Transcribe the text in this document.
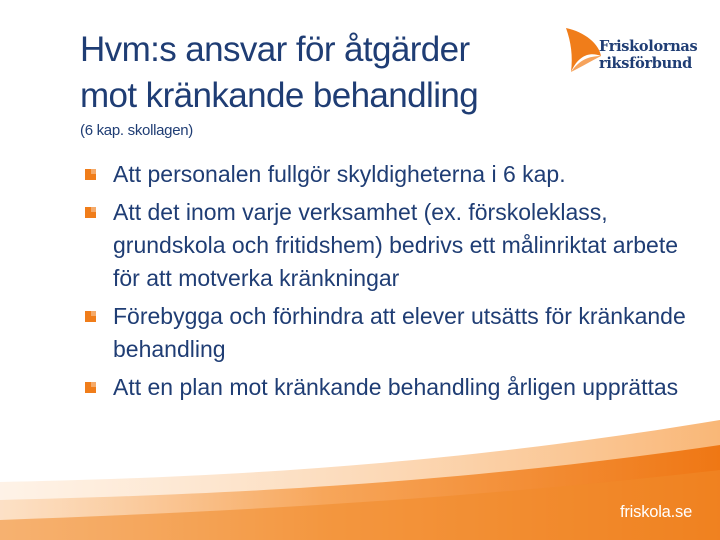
Hvm:s ansvar för åtgärder
mot kränkande behandling
(6 kap. skollagen)
Friskolornas
riksförbund
Att personalen fullgör skyldigheterna i 6 kap.
Att det inom varje verksamhet (ex. förskoleklass, grundskola och fritidshem) bedrivs ett målinriktat arbete för att motverka kränkningar
Förebygga och förhindra att elever utsätts för kränkande behandling
Att en plan mot kränkande behandling årligen upprättas
friskola.se
